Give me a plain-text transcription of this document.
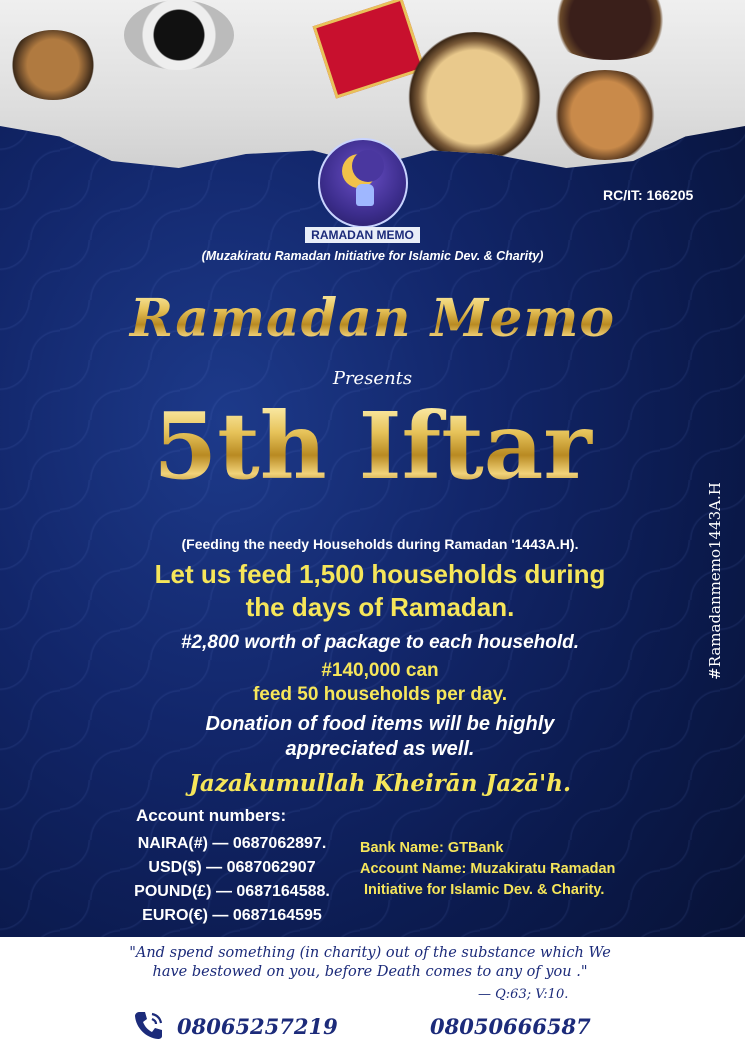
RAMADAN MEMO
RC/IT: 166205
(Muzakiratu Ramadan Initiative for Islamic Dev. & Charity)
Ramadan Memo
Presents
5th Iftar
#Ramadanmemo1443A.H
(Feeding the needy Households during Ramadan '1443A.H).
Let us feed 1,500 households during
the days of Ramadan.
#2,800 worth of package to each household.
#140,000 can
feed 50 households per day.
Donation of food items will be highly
appreciated as well.
Jazakumullah Kheirān Jazā'h.
Account numbers:
NAIRA(#) — 0687062897.
USD($) — 0687062907
POUND(£) — 0687164588.
EURO(€) — 0687164595
Bank Name: GTBank
Account Name: Muzakiratu Ramadan
Initiative for Islamic Dev. & Charity.
"And spend something (in charity) out of the substance which We
have bestowed on you, before Death comes to any of you ."
— Q:63; V:10.
08065257219	08050666587
